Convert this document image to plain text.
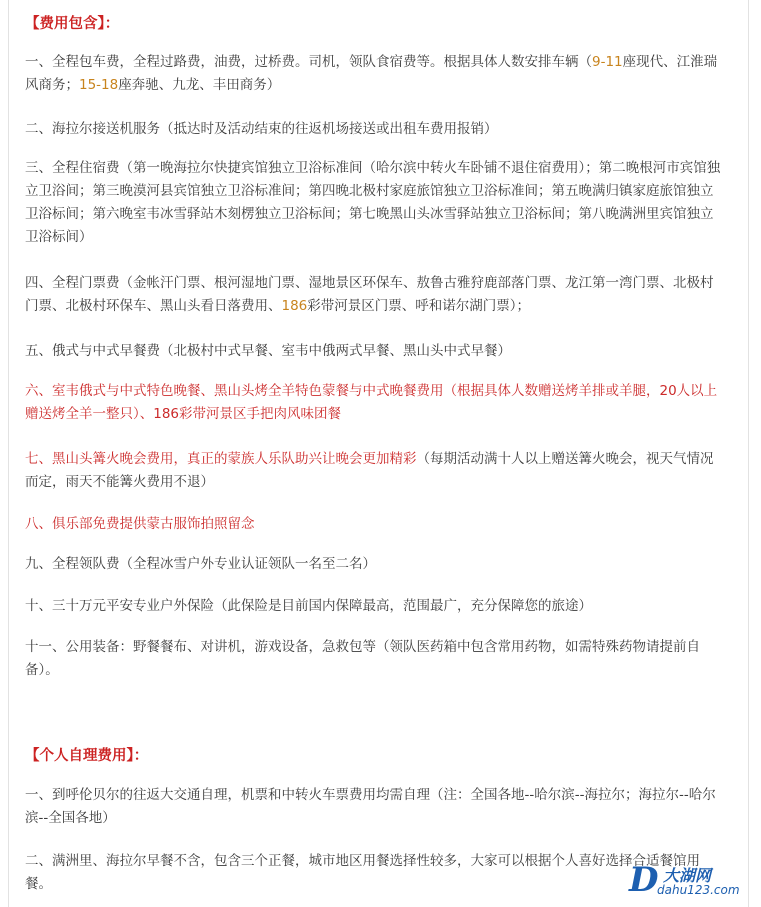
【费用包含】：

一、全程包车费，全程过路费，油费，过桥费。司机，领队食宿费等。根据具体人数安排车辆（9-11座现代、江淮瑞风商务；15-18座奔驰、九龙、丰田商务）

二、海拉尔接送机服务（抵达时及活动结束的往返机场接送或出租车费用报销）

三、全程住宿费（第一晚海拉尔快捷宾馆独立卫浴标准间（哈尔滨中转火车卧铺不退住宿费用）；第二晚根河市宾馆独立卫浴间；第三晚漠河县宾馆独立卫浴标准间；第四晚北极村家庭旅馆独立卫浴标准间；第五晚满归镇家庭旅馆独立卫浴标间；第六晚室韦冰雪驿站木刻楞独立卫浴标间；第七晚黑山头冰雪驿站独立卫浴标间；第八晚满洲里宾馆独立卫浴标间）

四、全程门票费（金帐汗门票、根河湿地门票、湿地景区环保车、敖鲁古雅狩鹿部落门票、龙江第一湾门票、北极村门票、北极村环保车、黑山头看日落费用、186彩带河景区门票、呼和诺尔湖门票）；

五、俄式与中式早餐费（北极村中式早餐、室韦中俄两式早餐、黑山头中式早餐）

六、室韦俄式与中式特色晚餐、黑山头烤全羊特色蒙餐与中式晚餐费用（根据具体人数赠送烤羊排或羊腿，20人以上赠送烤全羊一整只）、186彩带河景区手把肉风味团餐

七、黑山头篝火晚会费用，真正的蒙族人乐队助兴让晚会更加精彩（每期活动满十人以上赠送篝火晚会，视天气情况而定，雨天不能篝火费用不退）

八、俱乐部免费提供蒙古服饰拍照留念

九、全程领队费（全程冰雪户外专业认证领队一名至二名）

十、三十万元平安专业户外保险（此保险是目前国内保障最高，范围最广，充分保障您的旅途）

十一、公用装备：野餐餐布、对讲机，游戏设备，急救包等（领队医药箱中包含常用药物，如需特殊药物请提前自备）。

【个人自理费用】：

一、到呼伦贝尔的往返大交通自理，机票和中转火车票费用均需自理（注：全国各地--哈尔滨--海拉尔；海拉尔--哈尔滨--全国各地）

二、满洲里、海拉尔早餐不含，包含三个正餐，城市地区用餐选择性较多，大家可以根据个人喜好选择合适餐馆用餐。	D 大湖网
dahu123.com
